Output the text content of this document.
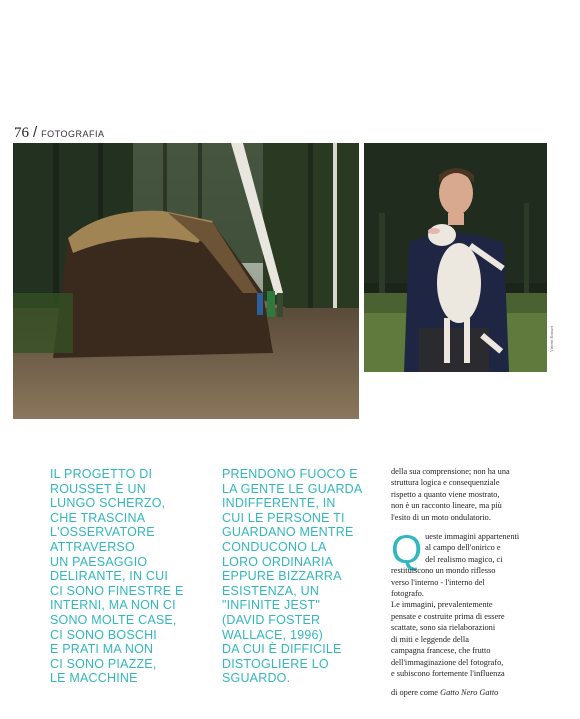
76 / FOTOGRAFIA
Vincent Rousset
IL PROGETTO DI
ROUSSET È UN
LUNGO SCHERZO,
CHE TRASCINA
L'OSSERVATORE
ATTRAVERSO
UN PAESAGGIO
DELIRANTE, IN CUI
CI SONO FINESTRE E
INTERNI, MA NON CI
SONO MOLTE CASE,
CI SONO BOSCHI
E PRATI MA NON
CI SONO PIAZZE,
LE MACCHINE
PRENDONO FUOCO E
LA GENTE LE GUARDA
INDIFFERENTE, IN
CUI LE PERSONE TI
GUARDANO MENTRE
CONDUCONO LA
LORO ORDINARIA
EPPURE BIZZARRA
ESISTENZA, UN
"INFINITE JEST"
(DAVID FOSTER
WALLACE, 1996)
DA CUI È DIFFICILE
DISTOGLIERE LO
SGUARDO.

della sua comprensione; non ha una
struttura logica e consequenziale
rispetto a quanto viene mostrato,
non è un racconto lineare, ma più
l'esito di un moto ondulatorio.

Q ueste immagini appartenenti
al campo dell'onirico e
del realismo magico, ci
restituiscono un mondo riflesso
verso l'interno - l'interno del
fotografo.

Le immagini, prevalentemente
pensate e costruite prima di essere
scattate, sono sia rielaborazioni
di miti e leggende della
campagna francese, che frutto
dell'immaginazione del fotografo,
e subiscono fortemente l'influenza

di opere come Gatto Nero Gatto
